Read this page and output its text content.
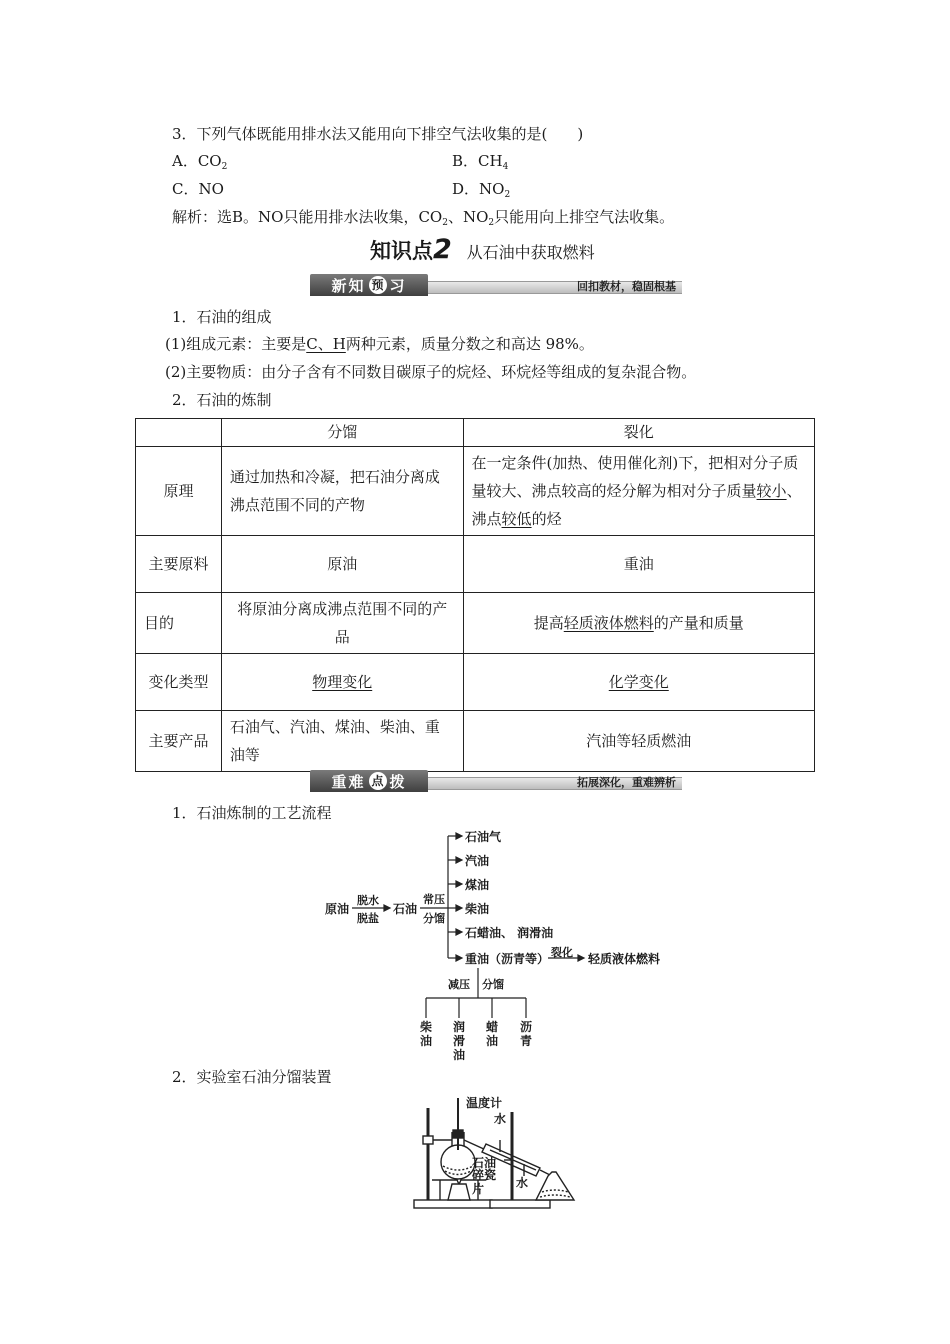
3．下列气体既能用排水法又能用向下排空气法收集的是(　　)
A．$CO_2$	B．$CH_4$
C．NO	D．$NO_2$
解析：选B。NO只能用排水法收集，$CO_2$、$NO_2$只能用向上排空气法收集。
知识点2 从石油中获取燃料
新知 预 习	回扣教材，稳固根基
1．石油的组成
(1)组成元素：主要是C、H两种元素，质量分数之和高达 98%。
(2)主要物质：由分子含有不同数目碳原子的烷烃、环烷烃等组成的复杂混合物。
2．石油的炼制
	分馏	裂化
原理	通过加热和冷凝，把石油分离成沸点范围不同的产物	在一定条件(加热、使用催化剂)下，把相对分子质量较大、沸点较高的烃分解为相对分子质量较小、沸点较低的烃
主要原料	原油	重油
目的	将原油分离成沸点范围不同的产品	提高轻质液体燃料的产量和质量
变化类型	物理变化	化学变化
主要产品	石油气、汽油、煤油、柴油、重油等	汽油等轻质燃油
重难 点 拨	拓展深化，重难辨析
1．石油炼制的工艺流程
原油
脱水
脱盐
石油
常压
分馏
石油气
汽油
煤油
柴油
石蜡油、 润滑油
重油（沥青等） 裂化 轻质液体燃料
减压 分馏
柴油
润滑油
蜡油
沥青
2．实验室石油分馏装置
温度计
水
石油
碎瓷片	水
